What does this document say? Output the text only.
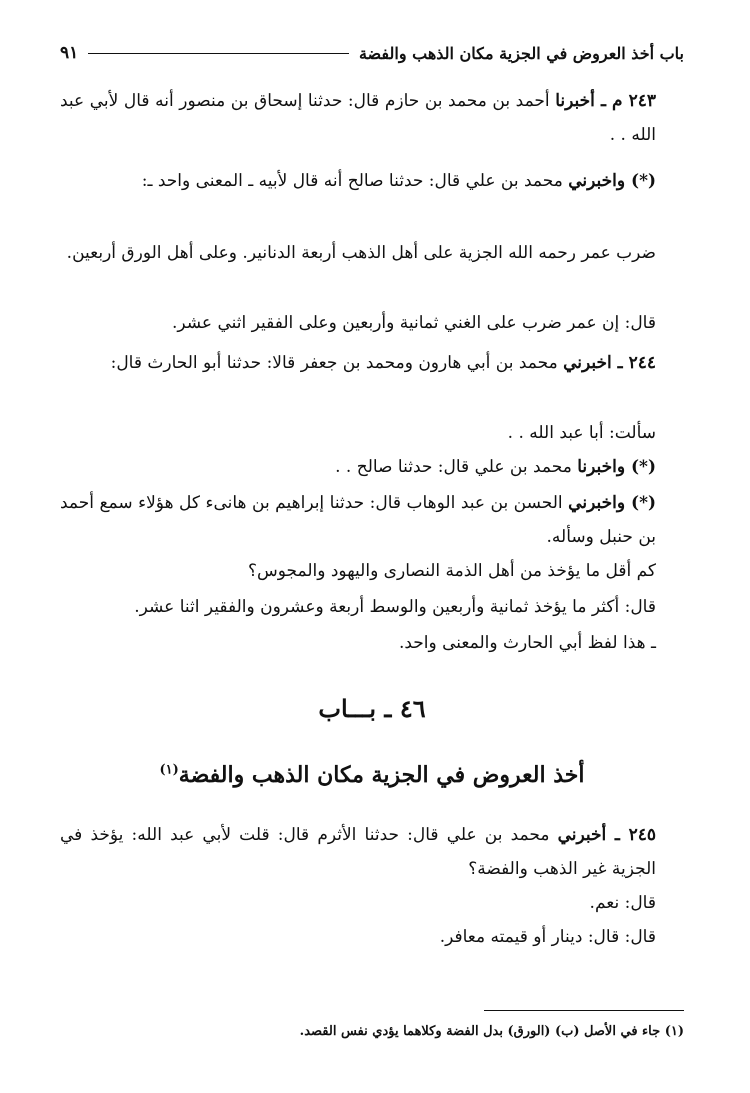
باب أخذ العروض في الجزية مكان الذهب والفضة
٩١
٢٤٣ م ـ أخبرنا أحمد بن محمد بن حازم قال: حدثنا إسحاق بن منصور أنه قال لأبي عبد الله . .
(*) واخبرني محمد بن علي قال: حدثنا صالح أنه قال لأبيه ـ المعنى واحد ـ:
ضرب عمر رحمه الله الجزية على أهل الذهب أربعة الدنانير. وعلى أهل الورق أربعين.
قال: إن عمر ضرب على الغني ثمانية وأربعين وعلى الفقير اثني عشر.
٢٤٤ ـ اخبرني محمد بن أبي هارون ومحمد بن جعفر قالا: حدثنا أبو الحارث قال:
سألت: أبا عبد الله . .
(*) واخبرنا محمد بن علي قال: حدثنا صالح . .
(*) واخبرني الحسن بن عبد الوهاب قال: حدثنا إبراهيم بن هانىء كل هؤلاء سمع أحمد بن حنبل وسأله.
كم أقل ما يؤخذ من أهل الذمة النصارى واليهود والمجوس؟
قال: أكثر ما يؤخذ ثمانية وأربعين والوسط أربعة وعشرون والفقير اثنا عشر.
ـ هذا لفظ أبي الحارث والمعنى واحد.
٤٦ ـ بـــاب
أخذ العروض في الجزية مكان الذهب والفضة$^{(١)}$
٢٤٥ ـ أخبرني محمد بن علي قال: حدثنا الأثرم قال: قلت لأبي عبد الله: يؤخذ في الجزية غير الذهب والفضة؟
قال: نعم.
قال: قال: دينار أو قيمته معافر.
(١) جاء في الأصل (ب) (الورق) بدل الفضة وكلاهما يؤدي نفس القصد.
